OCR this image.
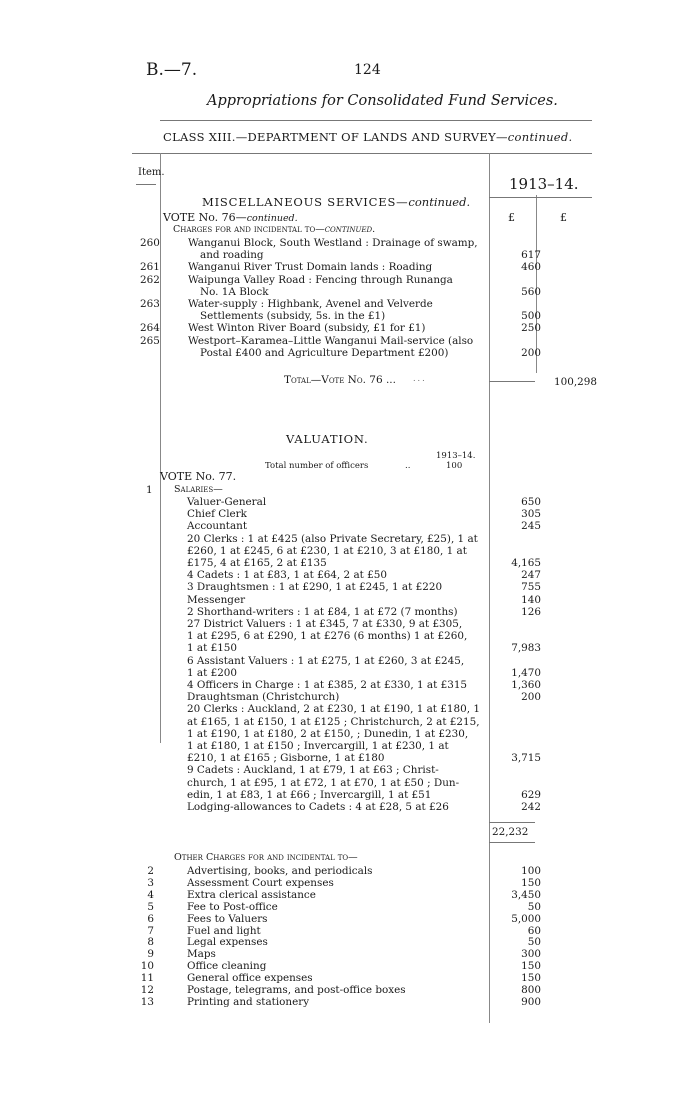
B.—7.	124
Appropriations for Consolidated Fund Services.
CLASS XIII.—DEPARTMENT OF LANDS AND SURVEY—continued.
Item.
1913–14.
£	£
MISCELLANEOUS SERVICES—continued.
VOTE No. 76—continued.
Charges for and incidental to—continued.
260	Wanganui Block, South Westland : Drainage of swamp,
and roading	617
261	Wanganui River Trust Domain lands : Roading	460
262	Waipunga Valley Road : Fencing through Runanga
No. 1A Block	560
263	Water-supply : Highbank, Avenel and Velverde
Settlements (subsidy, 5s. in the £1)	500
264	West Winton River Board (subsidy, £1 for £1)	250
265	Westport–Karamea–Little Wanganui Mail-service (also
Postal £400 and Agriculture Department £200)	200
Total—Vote No. 76 ... ...	100,298
VALUATION.
1913–14.
Total number of officers	..	100
VOTE No. 77.
1 Salaries—
Valuer-General	650
Chief Clerk	305
Accountant	245
20 Clerks : 1 at £425 (also Private Secretary, £25), 1 at
£260, 1 at £245, 6 at £230, 1 at £210, 3 at £180, 1 at
£175, 4 at £165, 2 at £135	4,165
4 Cadets : 1 at £83, 1 at £64, 2 at £50	247
3 Draughtsmen : 1 at £290, 1 at £245, 1 at £220	755
Messenger	140
2 Shorthand-writers : 1 at £84, 1 at £72 (7 months)	126
27 District Valuers : 1 at £345, 7 at £330, 9 at £305,
1 at £295, 6 at £290, 1 at £276 (6 months) 1 at £260,
1 at £150	7,983
6 Assistant Valuers : 1 at £275, 1 at £260, 3 at £245,
1 at £200	1,470
4 Officers in Charge : 1 at £385, 2 at £330, 1 at £315	1,360
Draughtsman (Christchurch)	200
20 Clerks : Auckland, 2 at £230, 1 at £190, 1 at £180, 1
at £165, 1 at £150, 1 at £125 ; Christchurch, 2 at £215,
1 at £190, 1 at £180, 2 at £150, ; Dunedin, 1 at £230,
1 at £180, 1 at £150 ; Invercargill, 1 at £230, 1 at
£210, 1 at £165 ; Gisborne, 1 at £180	3,715
9 Cadets : Auckland, 1 at £79, 1 at £63 ; Christ-
church, 1 at £95, 1 at £72, 1 at £70, 1 at £50 ; Dun-
edin, 1 at £83, 1 at £66 ; Invercargill, 1 at £51	629
Lodging-allowances to Cadets : 4 at £28, 5 at £26	242
22,232
Other Charges for and incidental to—
2	Advertising, books, and periodicals	100
3	Assessment Court expenses	150
4	Extra clerical assistance	3,450
5	Fee to Post-office	50
6	Fees to Valuers	5,000
7	Fuel and light	60
8	Legal expenses	50
9	Maps	300
10	Office cleaning	150
11	General office expenses	150
12	Postage, telegrams, and post-office boxes	800
13	Printing and stationery	900
